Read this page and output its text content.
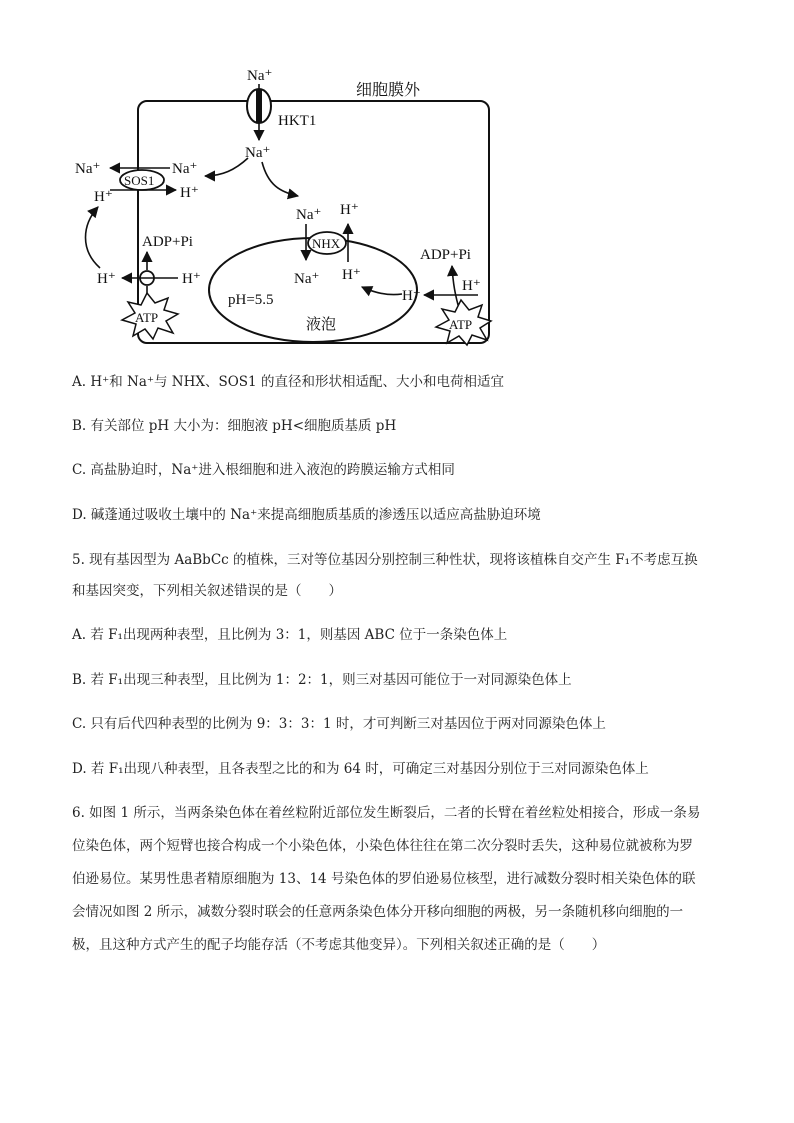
细胞膜外
Na⁺
HKT1
Na⁺
SOS1
Na⁺	Na⁺
H⁺
H⁺
H⁺	H⁺
ADP+Pi
ATP
pH=5.5
液泡
NHX
Na⁺
Na⁺
H⁺
H⁺
H⁺
H⁺
ADP+Pi
ATP
A. H⁺和 Na⁺与 NHX、SOS1 的直径和形状相适配、大小和电荷相适宜
B. 有关部位 pH 大小为：细胞液 pH<细胞质基质 pH
C. 高盐胁迫时，Na⁺进入根细胞和进入液泡的跨膜运输方式相同
D. 碱蓬通过吸收土壤中的 Na⁺来提高细胞质基质的渗透压以适应高盐胁迫环境
5. 现有基因型为 AaBbCc 的植株，三对等位基因分别控制三种性状，现将该植株自交产生 F₁不考虑互换
和基因突变，下列相关叙述错误的是（　　）
A. 若 F₁出现两种表型，且比例为 3：1，则基因 ABC 位于一条染色体上
B. 若 F₁出现三种表型，且比例为 1：2：1，则三对基因可能位于一对同源染色体上
C. 只有后代四种表型的比例为 9：3：3：1 时，才可判断三对基因位于两对同源染色体上
D. 若 F₁出现八种表型，且各表型之比的和为 64 时，可确定三对基因分别位于三对同源染色体上
6. 如图 1 所示，当两条染色体在着丝粒附近部位发生断裂后，二者的长臂在着丝粒处相接合，形成一条易
位染色体，两个短臂也接合构成一个小染色体，小染色体往往在第二次分裂时丢失，这种易位就被称为罗
伯逊易位。某男性患者精原细胞为 13、14 号染色体的罗伯逊易位核型，进行减数分裂时相关染色体的联
会情况如图 2 所示，减数分裂时联会的任意两条染色体分开移向细胞的两极，另一条随机移向细胞的一
极，且这种方式产生的配子均能存活（不考虑其他变异）。下列相关叙述正确的是（　　）
